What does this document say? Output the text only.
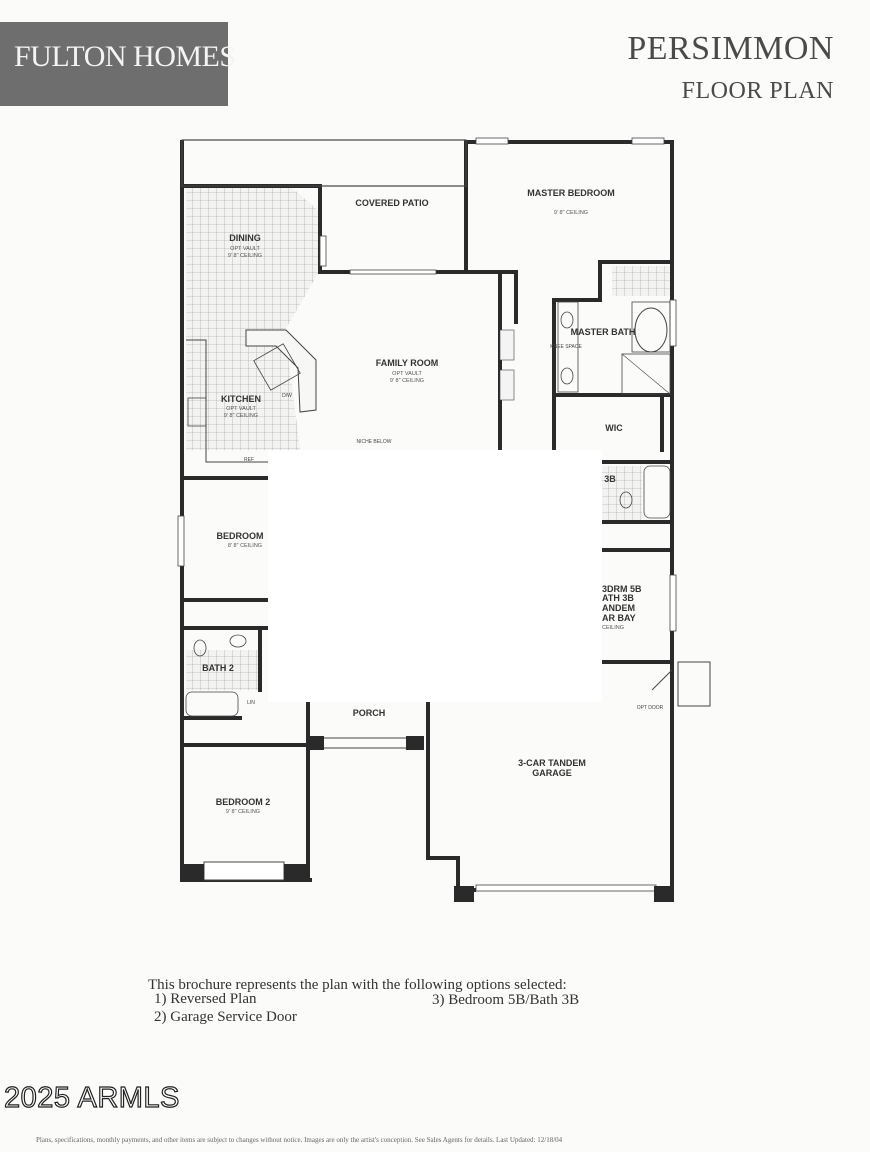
FULTON HOMES	PERSIMMON
FLOOR PLAN
COVERED PATIO
MASTER BEDROOM
9' 8" CEILING
DINING
OPT VAULT
9' 8" CEILING
MASTER BATH
KNEE SPACE
FAMILY ROOM
OPT VAULT
9' 8" CEILING
KITCHEN
OPT VAULT
9' 8" CEILING
D/W
REF
NICHE BELOW
WIC
3B
BEDROOM
8' 8" CEILING
3DRM 5B
ATH 3B
ANDEM
AR BAY
CEILING
BATH 2
LIN
PORCH	OPT DOOR
3-CAR TANDEM
GARAGE
BEDROOM 2
9' 8" CEILING
This brochure represents the plan with the following options selected:
1) Reversed Plan
2) Garage Service Door
3) Bedroom 5B/Bath 3B
2025 ARMLS
Plans, specifications, monthly payments, and other items are subject to changes without notice. Images are only the artist's conception. See Sales Agents for details. Last Updated: 12/18/04
